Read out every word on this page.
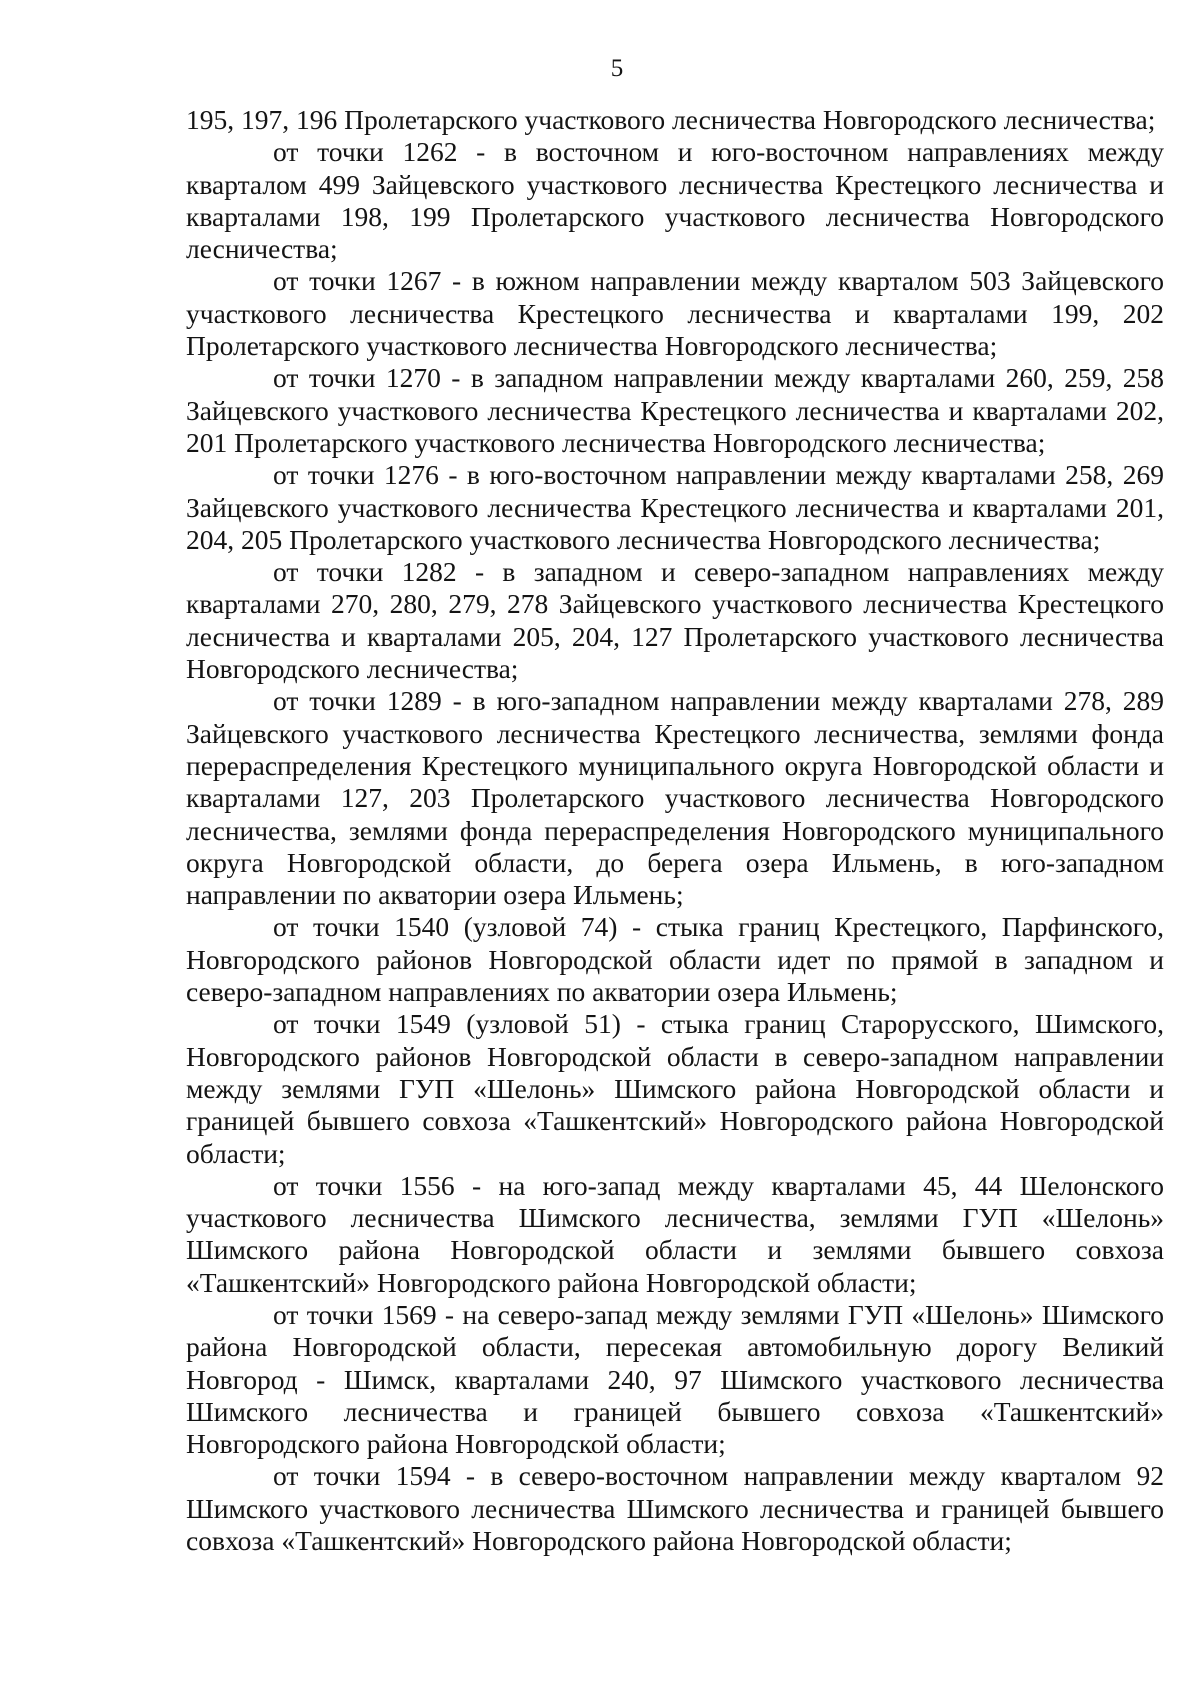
5

195, 197, 196 Пролетарского участкового лесничества Новгородского лесничества;

от точки 1262 - в восточном и юго-восточном направлениях между кварталом 499 Зайцевского участкового лесничества Крестецкого лесничества и кварталами 198, 199 Пролетарского участкового лесничества Новгородского лесничества;

от точки 1267 - в южном направлении между кварталом 503 Зайцевского участкового лесничества Крестецкого лесничества и кварталами 199, 202 Пролетарского участкового лесничества Новгородского лесничества;

от точки 1270 - в западном направлении между кварталами 260, 259, 258 Зайцевского участкового лесничества Крестецкого лесничества и кварталами 202, 201 Пролетарского участкового лесничества Новгородского лесничества;

от точки 1276 - в юго-восточном направлении между кварталами 258, 269 Зайцевского участкового лесничества Крестецкого лесничества и кварталами 201, 204, 205 Пролетарского участкового лесничества Новгородского лесничества;

от точки 1282 - в западном и северо-западном направлениях между кварталами 270, 280, 279, 278 Зайцевского участкового лесничества Крестецкого лесничества и кварталами 205, 204, 127 Пролетарского участкового лесничества Новгородского лесничества;

от точки 1289 - в юго-западном направлении между кварталами 278, 289 Зайцевского участкового лесничества Крестецкого лесничества, землями фонда перераспределения Крестецкого муниципального округа Новгородской области и кварталами 127, 203 Пролетарского участкового лесничества Новгородского лесничества, землями фонда перераспределения Новгородского муниципального округа Новгородской области, до берега озера Ильмень, в юго-западном направлении по акватории озера Ильмень;

от точки 1540 (узловой 74) - стыка границ Крестецкого, Парфинского, Новгородского районов Новгородской области идет по прямой в западном и северо-западном направлениях по акватории озера Ильмень;

от точки 1549 (узловой 51) - стыка границ Старорусского, Шимского, Новгородского районов Новгородской области в северо-западном направлении между землями ГУП «Шелонь» Шимского района Новгородской области и границей бывшего совхоза «Ташкентский» Новгородского района Новгородской области;

от точки 1556 - на юго-запад между кварталами 45, 44 Шелонского участкового лесничества Шимского лесничества, землями ГУП «Шелонь» Шимского района Новгородской области и землями бывшего совхоза «Ташкентский» Новгородского района Новгородской области;

от точки 1569 - на северо-запад между землями ГУП «Шелонь» Шимского района Новгородской области, пересекая автомобильную дорогу Великий Новгород - Шимск, кварталами 240, 97 Шимского участкового лесничества Шимского лесничества и границей бывшего совхоза «Ташкентский» Новгородского района Новгородской области;

от точки 1594 - в северо-восточном направлении между кварталом 92 Шимского участкового лесничества Шимского лесничества и границей бывшего совхоза «Ташкентский» Новгородского района Новгородской области;
